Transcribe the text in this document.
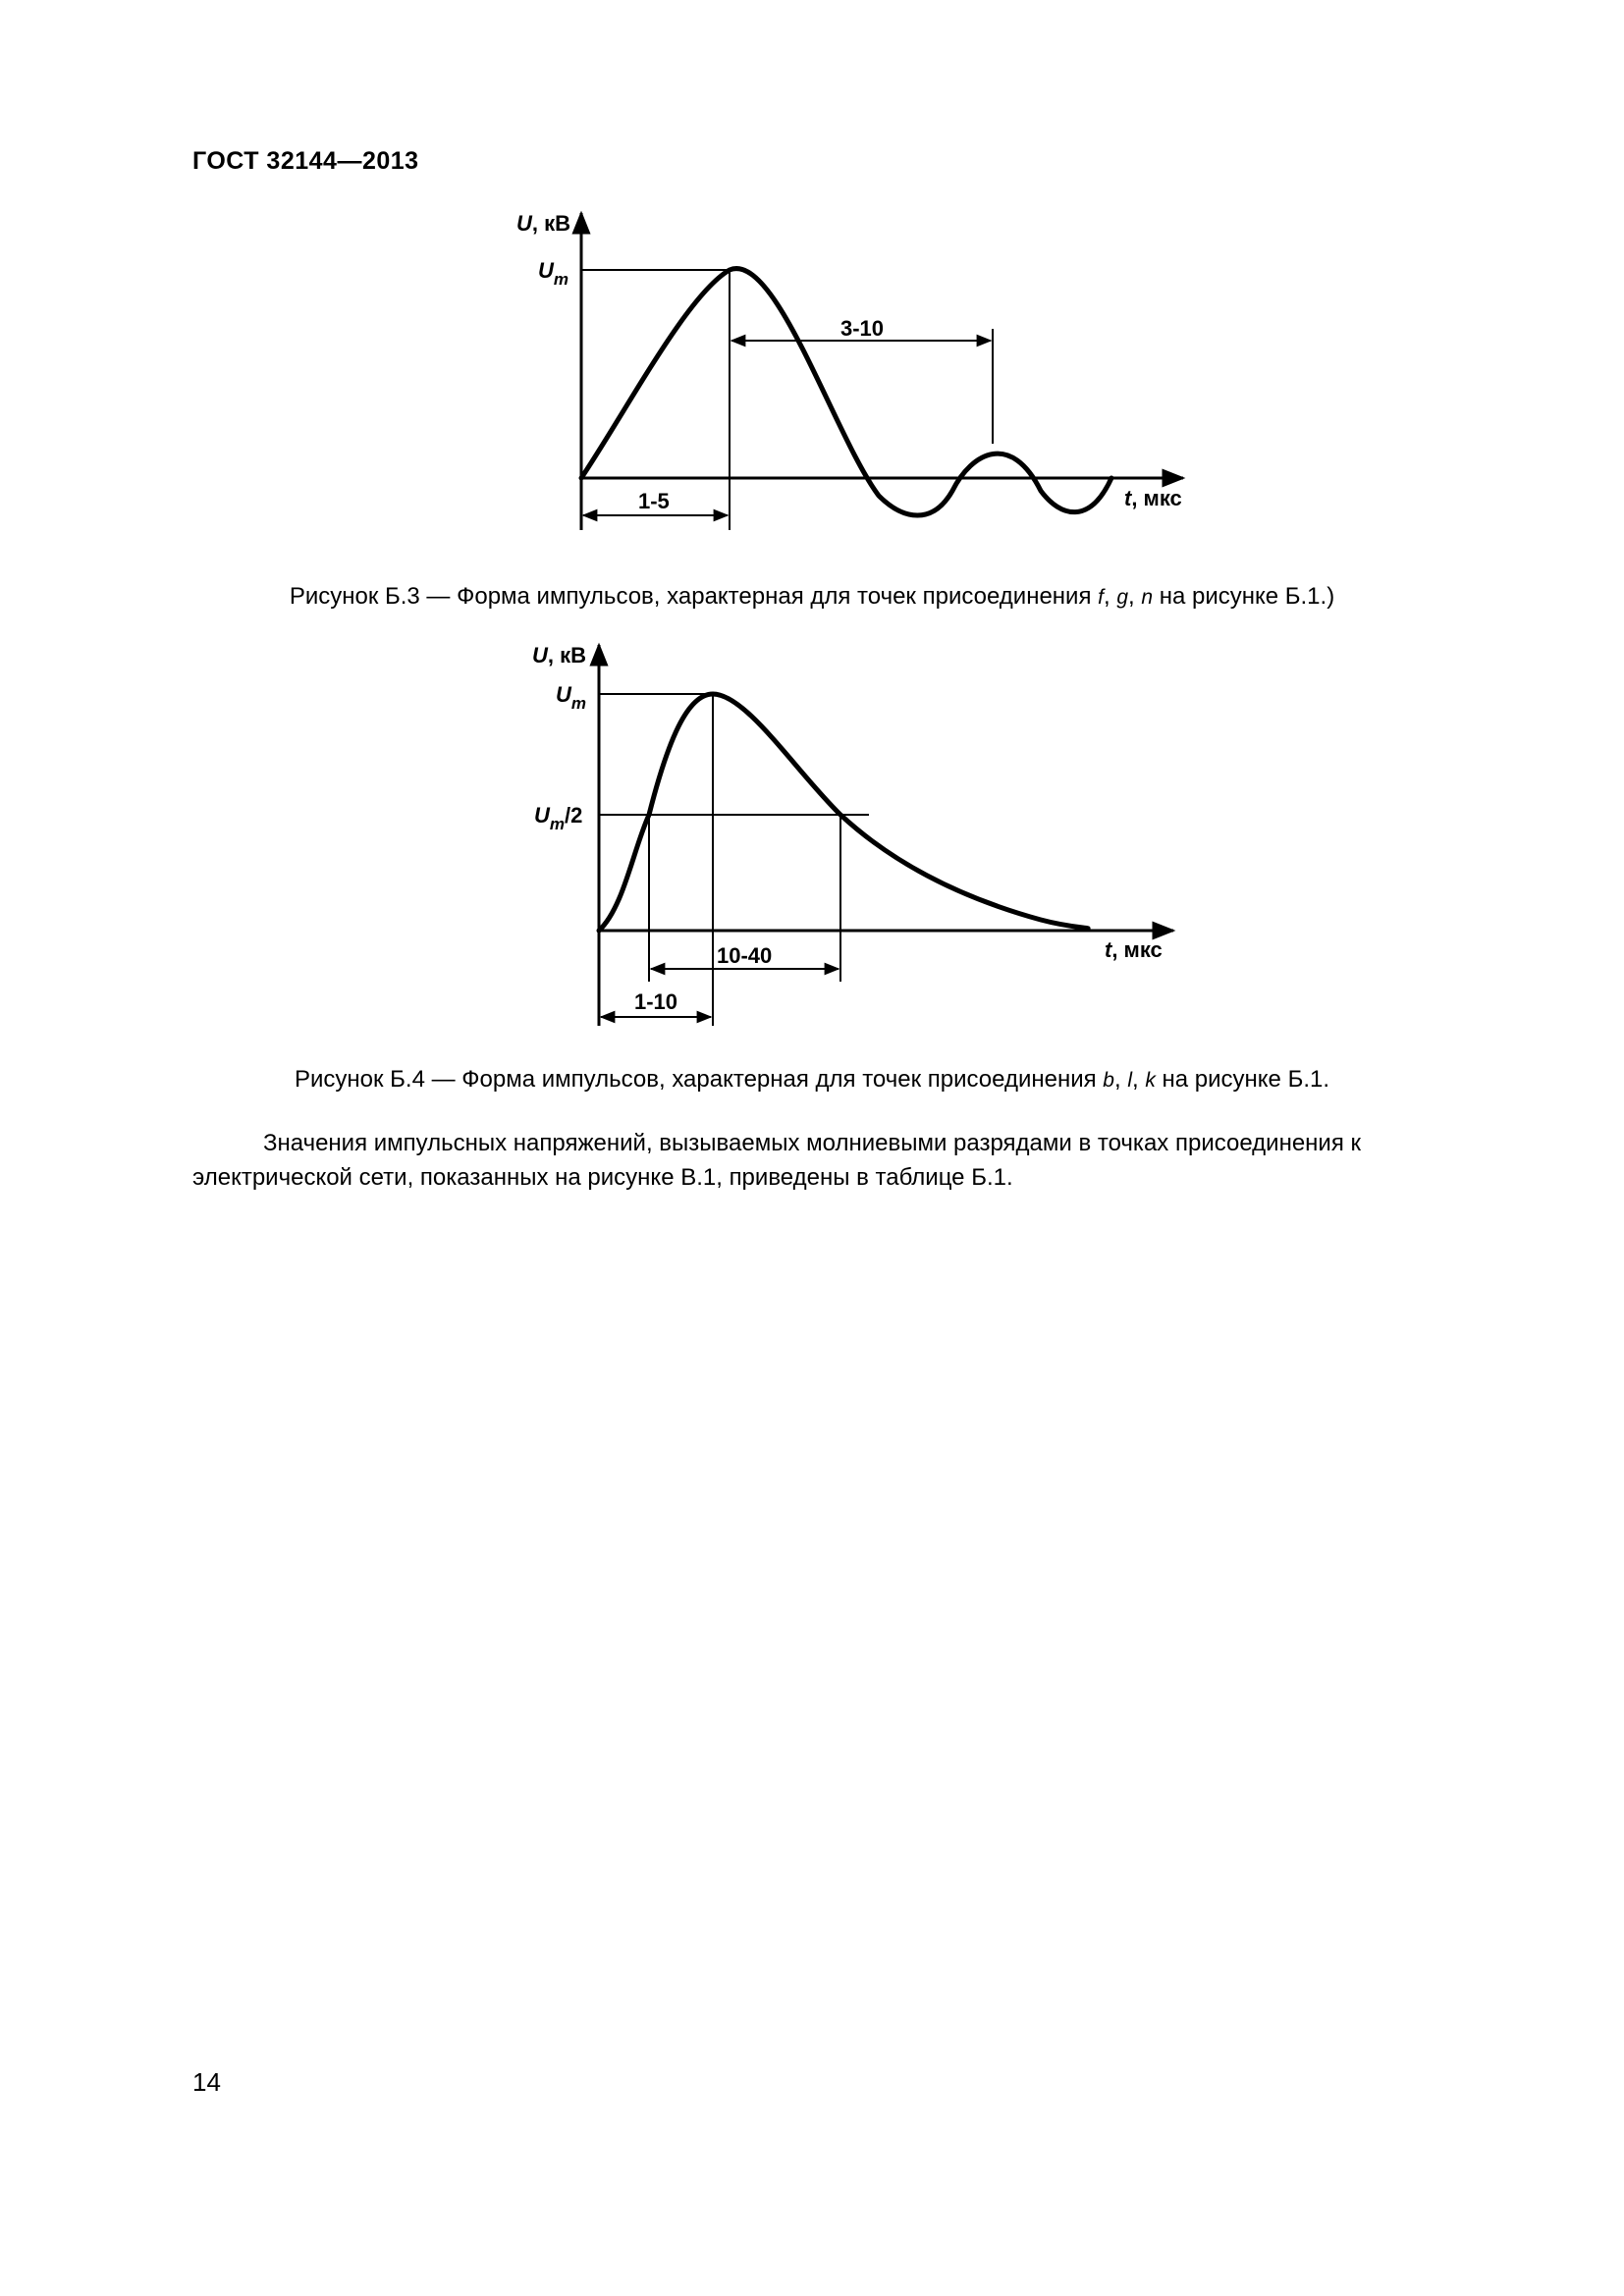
ГОСТ 32144—2013
U, кВ
$U_m$
3-10
1-5	t, мкс
Рисунок Б.3 — Форма импульсов, характерная для точек присоединения f, g, n на рисунке Б.1.)
U, кВ
$U_m$
$U_m/2$
10-40
1-10
t, мкс
Рисунок Б.4 — Форма импульсов, характерная для точек присоединения b, l, k на рисунке Б.1.
Значения импульсных напряжений, вызываемых молниевыми разрядами в точках присоединения к электрической сети, показанных на рисунке В.1, приведены в таблице Б.1.
14
